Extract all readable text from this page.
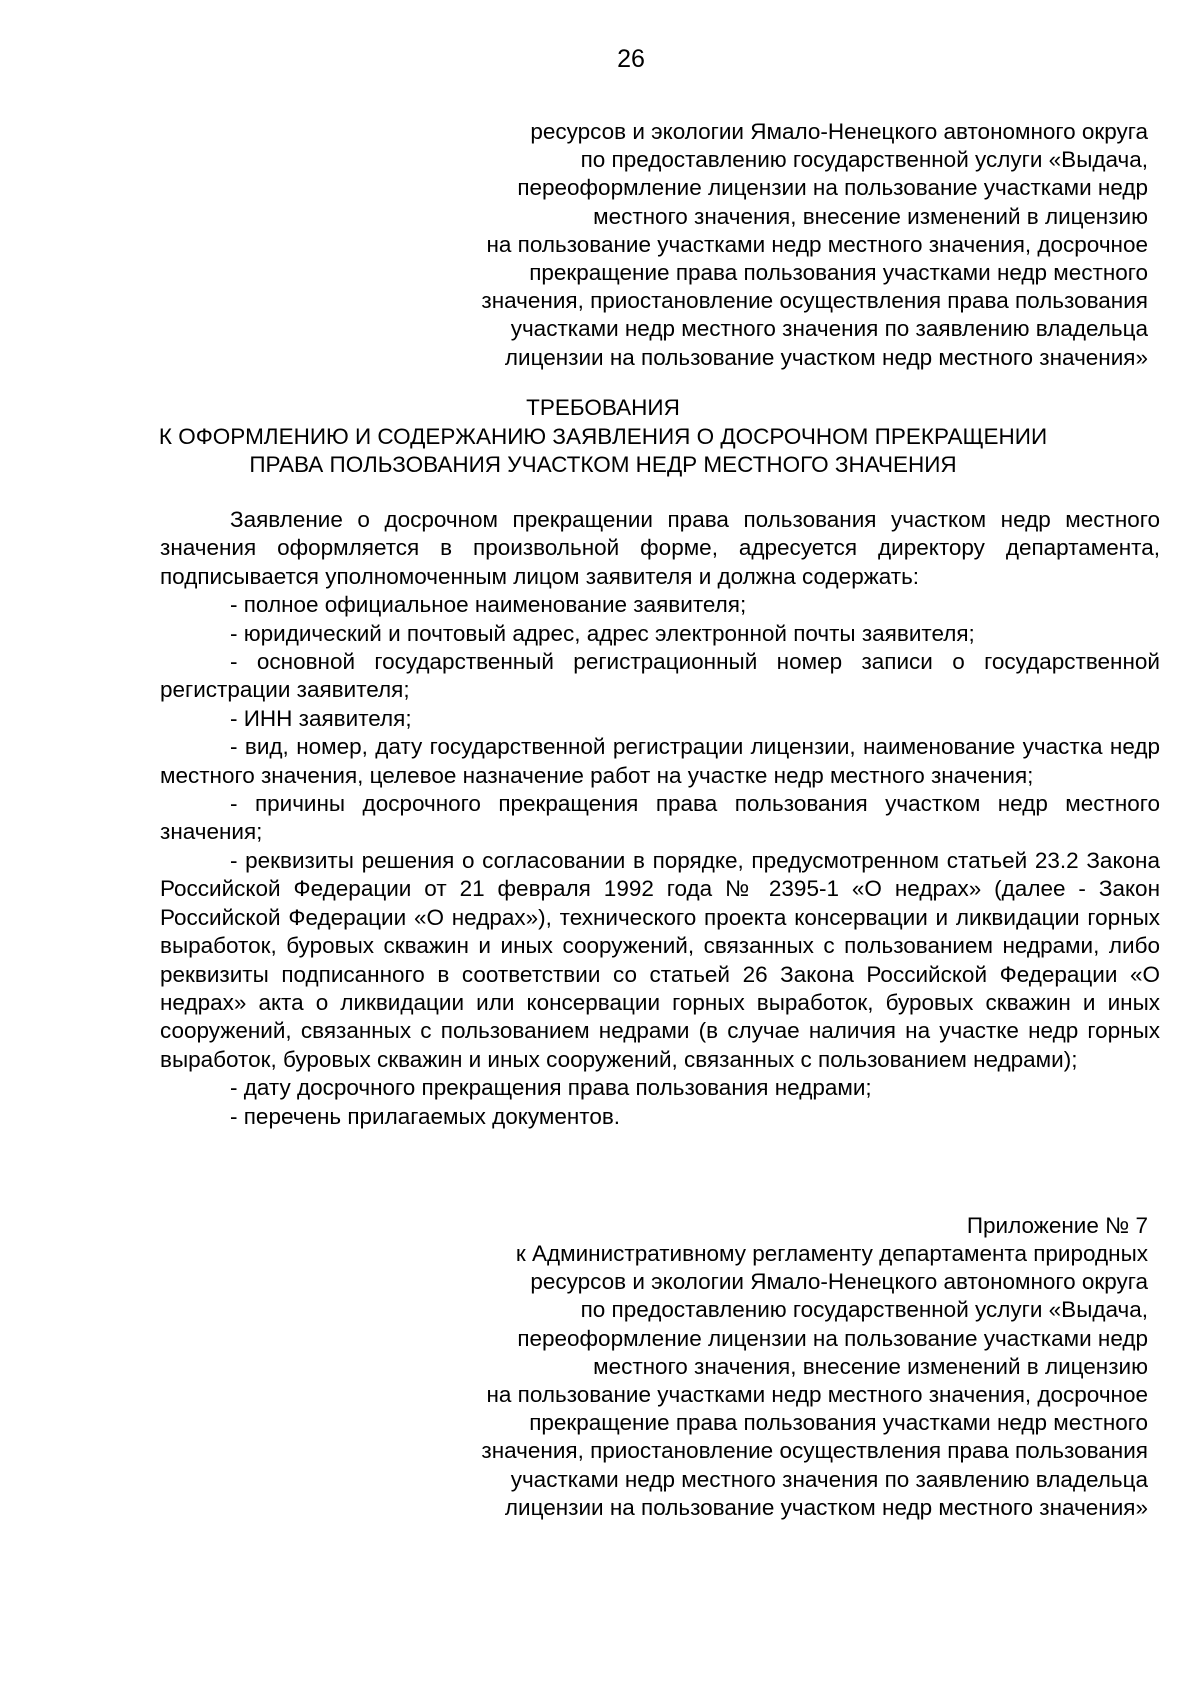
26
ресурсов и экологии Ямало-Ненецкого автономного округа
по предоставлению государственной услуги «Выдача,
переоформление лицензии на пользование участками недр
местного значения, внесение изменений в лицензию
на пользование участками недр местного значения, досрочное
прекращение права пользования участками недр местного
значения, приостановление осуществления права пользования
участками недр местного значения по заявлению владельца
лицензии на пользование участком недр местного значения»
ТРЕБОВАНИЯ
К ОФОРМЛЕНИЮ И СОДЕРЖАНИЮ ЗАЯВЛЕНИЯ О ДОСРОЧНОМ ПРЕКРАЩЕНИИ
ПРАВА ПОЛЬЗОВАНИЯ УЧАСТКОМ НЕДР МЕСТНОГО ЗНАЧЕНИЯ

Заявление о досрочном прекращении права пользования участком недр местного значения оформляется в произвольной форме, адресуется директору департамента, подписывается уполномоченным лицом заявителя и должна содержать:

- полное официальное наименование заявителя;

- юридический и почтовый адрес, адрес электронной почты заявителя;

- основной государственный регистрационный номер записи о государственной регистрации заявителя;

- ИНН заявителя;

- вид, номер, дату государственной регистрации лицензии, наименование участка недр местного значения, целевое назначение работ на участке недр местного значения;

- причины досрочного прекращения права пользования участком недр местного значения;

- реквизиты решения о согласовании в порядке, предусмотренном статьей 23.2 Закона Российской Федерации от 21 февраля 1992 года № 2395-1 «О недрах» (далее - Закон Российской Федерации «О недрах»), технического проекта консервации и ликвидации горных выработок, буровых скважин и иных сооружений, связанных с пользованием недрами, либо реквизиты подписанного в соответствии со статьей 26 Закона Российской Федерации «О недрах» акта о ликвидации или консервации горных выработок, буровых скважин и иных сооружений, связанных с пользованием недрами (в случае наличия на участке недр горных выработок, буровых скважин и иных сооружений, связанных с пользованием недрами);

- дату досрочного прекращения права пользования недрами;

- перечень прилагаемых документов.

Приложение № 7
к Административному регламенту департамента природных
ресурсов и экологии Ямало-Ненецкого автономного округа
по предоставлению государственной услуги «Выдача,
переоформление лицензии на пользование участками недр
местного значения, внесение изменений в лицензию
на пользование участками недр местного значения, досрочное
прекращение права пользования участками недр местного
значения, приостановление осуществления права пользования
участками недр местного значения по заявлению владельца
лицензии на пользование участком недр местного значения»
